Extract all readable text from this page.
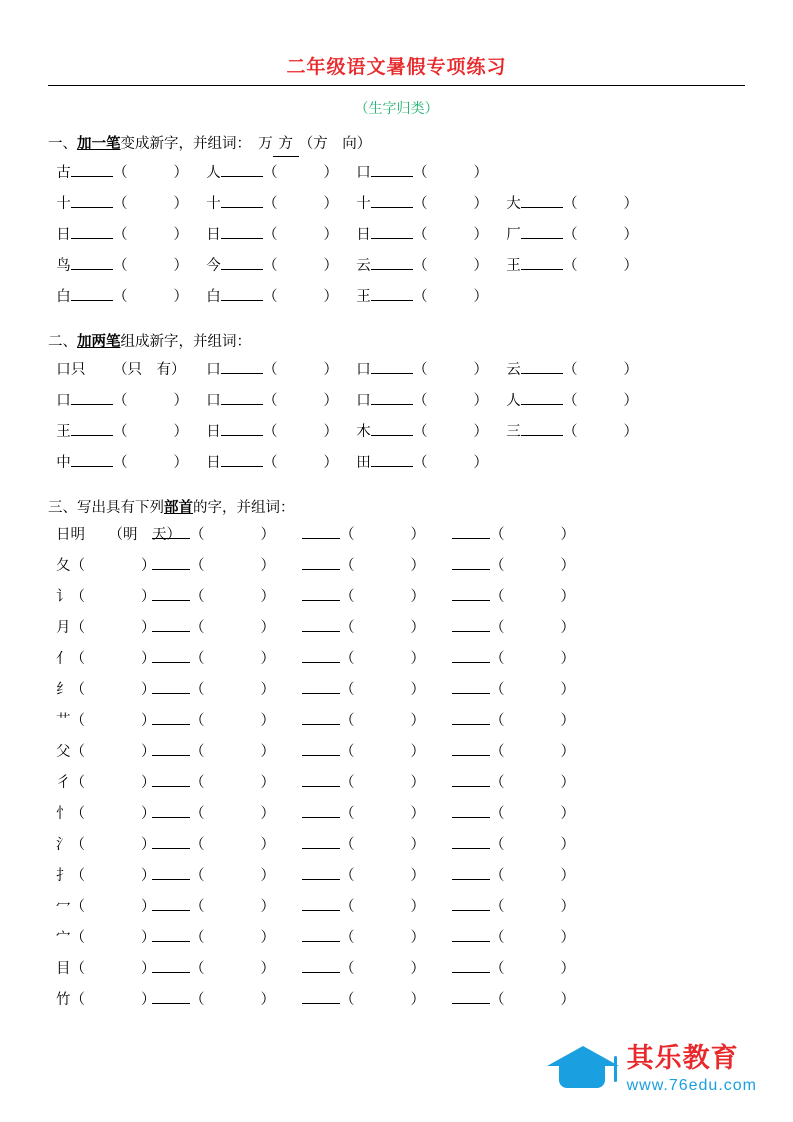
二年级语文暑假专项练习
（生字归类）
一、加一笔变成新字，并组词： 万 方 （方　向）
古	（	） 人	（	） 口	（	）
十	（	） 十	（	） 十	（	） 大	（	）
日	（	） 日	（	） 日	（	） 厂	（	）
鸟	（	） 今	（	） 云	（	） 王	（	）
白	（	） 白	（	） 王	（	）
二、加两笔组成新字，并组词：
口 只	（只　有） 口	（	） 口	（	） 云	（	）
口	（	） 口	（	） 口	（	） 人	（	）
王	（	） 日	（	） 木	（	） 三	（	）
中	（	） 日	（	） 田	（	）
三、写出具有下列部首的字，并组词：
日 明	（明　天） （	）	（	）	（	）
夂 （	） （	）	（	）	（	）
讠 （	） （	）	（	）	（	）
月 （	） （	）	（	）	（	）
亻 （	） （	）	（	）	（	）
纟 （	） （	）	（	）	（	）
艹 （	） （	）	（	）	（	）
父 （	） （	）	（	）	（	）
彳 （	） （	）	（	）	（	）
忄 （	） （	）	（	）	（	）
氵 （	） （	）	（	）	（	）
扌 （	） （	）	（	）	（	）
冖 （	） （	）	（	）	（	）
宀 （	） （	）	（	）	（	）
目 （	） （	）	（	）	（	）
竹 （	） （	）	（	）	（	）
其乐教育
www.76edu.com
